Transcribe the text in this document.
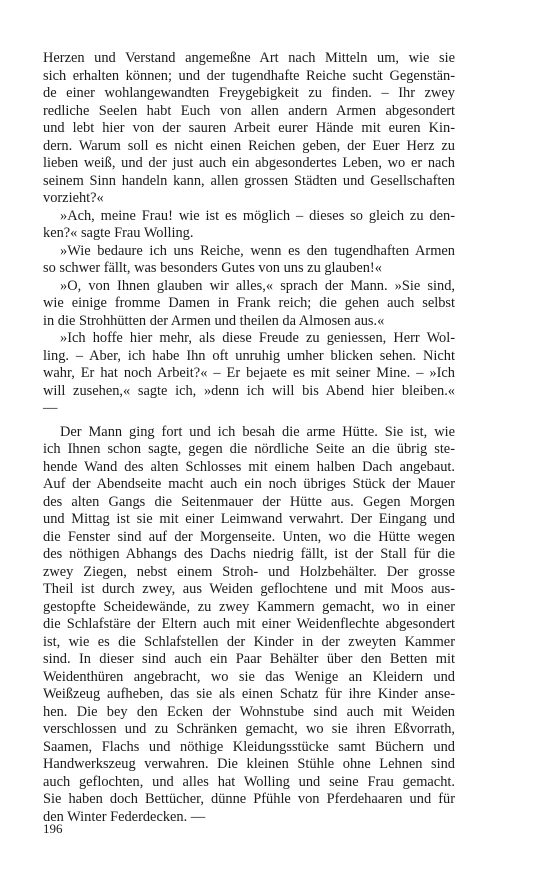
Herzen und Verstand angemeßne Art nach Mitteln um, wie sie
sich erhalten können; und der tugendhafte Reiche sucht Gegenstän-
de einer wohlangewandten Freygebigkeit zu finden. – Ihr zwey
redliche Seelen habt Euch von allen andern Armen abgesondert
und lebt hier von der sauren Arbeit eurer Hände mit euren Kin-
dern. Warum soll es nicht einen Reichen geben, der Euer Herz zu
lieben weiß, und der just auch ein abgesondertes Leben, wo er nach
seinem Sinn handeln kann, allen grossen Städten und Gesellschaften
vorzieht?«
»Ach, meine Frau! wie ist es möglich – dieses so gleich zu den-
ken?« sagte Frau Wolling.
»Wie bedaure ich uns Reiche, wenn es den tugendhaften Armen
so schwer fällt, was besonders Gutes von uns zu glauben!«
»O, von Ihnen glauben wir alles,« sprach der Mann. »Sie sind,
wie einige fromme Damen in Frank reich; die gehen auch selbst
in die Strohhütten der Armen und theilen da Almosen aus.«
»Ich hoffe hier mehr, als diese Freude zu geniessen, Herr Wol-
ling. – Aber, ich habe Ihn oft unruhig umher blicken sehen. Nicht
wahr, Er hat noch Arbeit?« – Er bejaete es mit seiner Mine. – »Ich
will zusehen,« sagte ich, »denn ich will bis Abend hier bleiben.«
––
Der Mann ging fort und ich besah die arme Hütte. Sie ist, wie
ich Ihnen schon sagte, gegen die nördliche Seite an die übrig ste-
hende Wand des alten Schlosses mit einem halben Dach angebaut.
Auf der Abendseite macht auch ein noch übriges Stück der Mauer
des alten Gangs die Seitenmauer der Hütte aus. Gegen Morgen
und Mittag ist sie mit einer Leimwand verwahrt. Der Eingang und
die Fenster sind auf der Morgenseite. Unten, wo die Hütte wegen
des nöthigen Abhangs des Dachs niedrig fällt, ist der Stall für die
zwey Ziegen, nebst einem Stroh- und Holzbehälter. Der grosse
Theil ist durch zwey, aus Weiden geflochtene und mit Moos aus-
gestopfte Scheidewände, zu zwey Kammern gemacht, wo in einer
die Schlafstäre der Eltern auch mit einer Weidenflechte abgesondert
ist, wie es die Schlafstellen der Kinder in der zweyten Kammer
sind. In dieser sind auch ein Paar Behälter über den Betten mit
Weidenthüren angebracht, wo sie das Wenige an Kleidern und
Weißzeug aufheben, das sie als einen Schatz für ihre Kinder anse-
hen. Die bey den Ecken der Wohnstube sind auch mit Weiden
verschlossen und zu Schränken gemacht, wo sie ihren Eßvorrath,
Saamen, Flachs und nöthige Kleidungsstücke samt Büchern und
Handwerkszeug verwahren. Die kleinen Stühle ohne Lehnen sind
auch geflochten, und alles hat Wolling und seine Frau gemacht.
Sie haben doch Bettücher, dünne Pfühle von Pferdehaaren und für
den Winter Federdecken. ––
196
